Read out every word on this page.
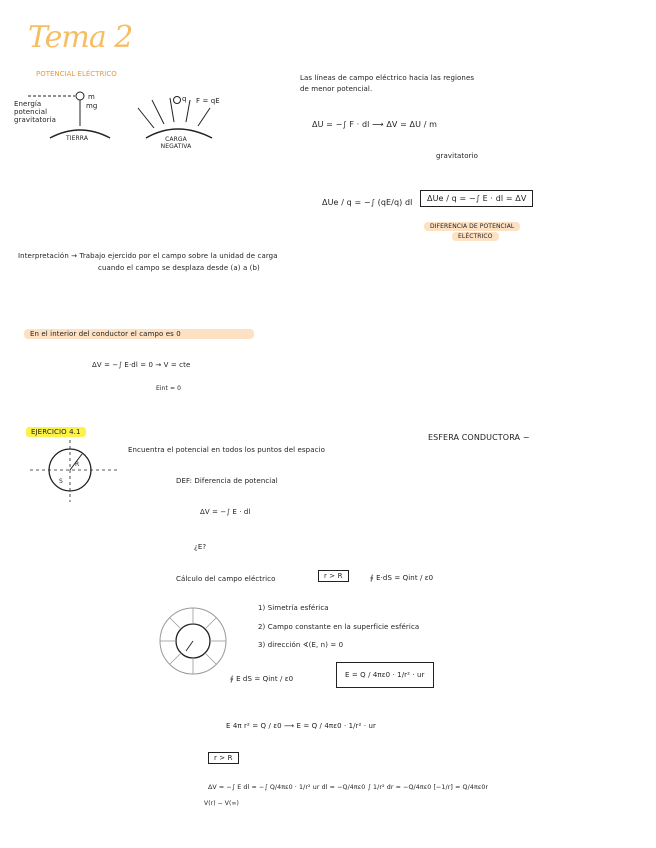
Tema 2
POTENCIAL ELÉCTRICO
Energía potencial gravitatoria
m
mg
TIERRA
q F = qE
CARGA NEGATIVA
Las líneas de campo eléctrico hacia las regiones
de menor potencial.
ΔU = −∫ F · dl ⟶ ΔV = ΔU / m
gravitatorio
ΔUe / q = −∫ (qE/q) dl	ΔUe / q = −∫ E · dl = ΔV
DIFERENCIA DE POTENCIAL
ELÉCTRICO
Interpretación → Trabajo ejercido por el campo sobre la unidad de carga
cuando el campo se desplaza desde (a) a (b)
En el interior del conductor el campo es 0
ΔV = −∫ E·dl = 0 → V = cte
Eint = 0
EJERCICIO 4.1
ESFERA CONDUCTORA −
S
R
Encuentra el potencial en todos los puntos del espacio
DEF: Diferencia de potencial
ΔV = −∫ E · dl
¿E?
Cálculo del campo eléctrico	r > R	∮ E·dS = Qint / ε0
1) Simetría esférica
2) Campo constante en la superficie esférica
3) dirección ∢(E, n) = 0
∮ E dS = Qint / ε0	E = Q / 4πε0 · 1/r² · ur
E 4π r² = Q / ε0 ⟶ E = Q / 4πε0 · 1/r² · ur
r > R
ΔV = −∫ E dl = −∫ Q/4πε0 · 1/r² ur dl = −Q/4πε0 ∫ 1/r² dr = −Q/4πε0 [−1/r] = Q/4πε0r
V(r) − V(∞)
